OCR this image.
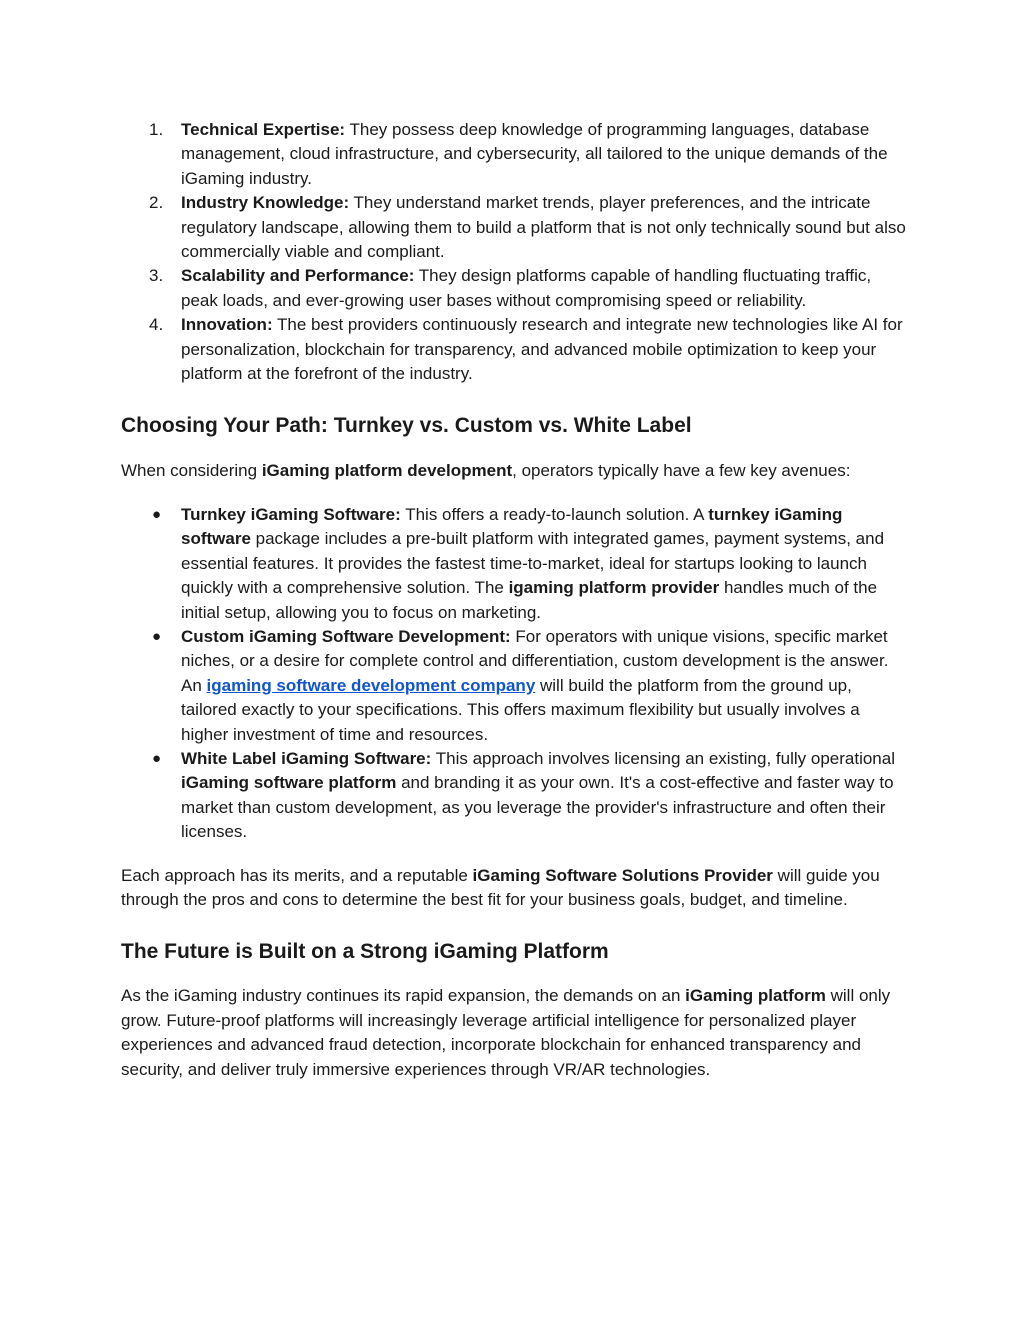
1. Technical Expertise: They possess deep knowledge of programming languages, database management, cloud infrastructure, and cybersecurity, all tailored to the unique demands of the iGaming industry.
2. Industry Knowledge: They understand market trends, player preferences, and the intricate regulatory landscape, allowing them to build a platform that is not only technically sound but also commercially viable and compliant.
3. Scalability and Performance: They design platforms capable of handling fluctuating traffic, peak loads, and ever-growing user bases without compromising speed or reliability.
4. Innovation: The best providers continuously research and integrate new technologies like AI for personalization, blockchain for transparency, and advanced mobile optimization to keep your platform at the forefront of the industry.
Choosing Your Path: Turnkey vs. Custom vs. White Label

When considering iGaming platform development, operators typically have a few key avenues:

● Turnkey iGaming Software: This offers a ready-to-launch solution. A turnkey iGaming software package includes a pre-built platform with integrated games, payment systems, and essential features. It provides the fastest time-to-market, ideal for startups looking to launch quickly with a comprehensive solution. The igaming platform provider handles much of the initial setup, allowing you to focus on marketing.
● Custom iGaming Software Development: For operators with unique visions, specific market niches, or a desire for complete control and differentiation, custom development is the answer. An igaming software development company will build the platform from the ground up, tailored exactly to your specifications. This offers maximum flexibility but usually involves a higher investment of time and resources.
● White Label iGaming Software: This approach involves licensing an existing, fully operational iGaming software platform and branding it as your own. It's a cost-effective and faster way to market than custom development, as you leverage the provider's infrastructure and often their licenses.

Each approach has its merits, and a reputable iGaming Software Solutions Provider will guide you through the pros and cons to determine the best fit for your business goals, budget, and timeline.

The Future is Built on a Strong iGaming Platform

As the iGaming industry continues its rapid expansion, the demands on an iGaming platform will only grow. Future-proof platforms will increasingly leverage artificial intelligence for personalized player experiences and advanced fraud detection, incorporate blockchain for enhanced transparency and security, and deliver truly immersive experiences through VR/AR technologies.
